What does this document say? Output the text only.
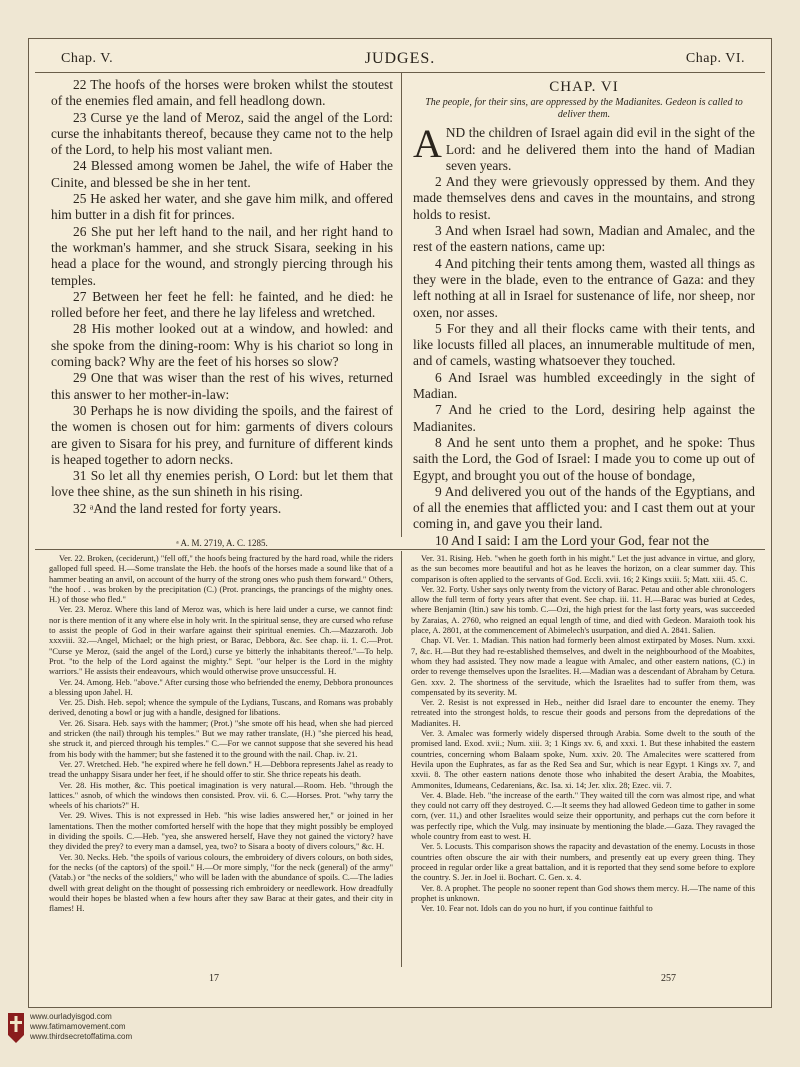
Chap. V.	JUDGES.	Chap. VI.

22 The hoofs of the horses were broken whilst the stoutest of the enemies fled amain, and fell headlong down.

23 Curse ye the land of Meroz, said the angel of the Lord: curse the inhabitants thereof, because they came not to the help of the Lord, to help his most valiant men.

24 Blessed among women be Jahel, the wife of Haber the Cinite, and blessed be she in her tent.

25 He asked her water, and she gave him milk, and offered him butter in a dish fit for princes.

26 She put her left hand to the nail, and her right hand to the workman's hammer, and she struck Sisara, seeking in his head a place for the wound, and strongly piercing through his temples.

27 Between her feet he fell: he fainted, and he died: he rolled before her feet, and there he lay lifeless and wretched.

28 His mother looked out at a window, and howled: and she spoke from the dining-room: Why is his chariot so long in coming back? Why are the feet of his horses so slow?

29 One that was wiser than the rest of his wives, returned this answer to her mother-in-law:

30 Perhaps he is now dividing the spoils, and the fairest of the women is chosen out for him: garments of divers colours are given to Sisara for his prey, and furniture of different kinds is heaped together to adorn necks.

31 So let all thy enemies perish, O Lord: but let them that love thee shine, as the sun shineth in his rising.

32 ᵃAnd the land rested for forty years.

ᵃ A. M. 2719, A. C. 1285.
CHAP. VI
The people, for their sins, are oppressed by the Madianites. Gedeon is called to deliver them.

AND the children of Israel again did evil in the sight of the Lord: and he delivered them into the hand of Madian seven years.

2 And they were grievously oppressed by them. And they made themselves dens and caves in the mountains, and strong holds to resist.

3 And when Israel had sown, Madian and Amalec, and the rest of the eastern nations, came up:

4 And pitching their tents among them, wasted all things as they were in the blade, even to the entrance of Gaza: and they left nothing at all in Israel for sustenance of life, nor sheep, nor oxen, nor asses.

5 For they and all their flocks came with their tents, and like locusts filled all places, an innumerable multitude of men, and of camels, wasting whatsoever they touched.

6 And Israel was humbled exceedingly in the sight of Madian.

7 And he cried to the Lord, desiring help against the Madianites.

8 And he sent unto them a prophet, and he spoke: Thus saith the Lord, the God of Israel: I made you to come up out of Egypt, and brought you out of the house of bondage,

9 And delivered you out of the hands of the Egyptians, and of all the enemies that afflicted you: and I cast them out at your coming in, and gave you their land.

10 And I said: I am the Lord your God, fear not the

Ver. 22. Broken, (ceciderunt,) "fell off," the hoofs being fractured by the hard road, while the riders galloped full speed. H.—Some translate the Heb. the hoofs of the horses made a sound like that of a hammer beating an anvil, on account of the hurry of the strong ones who push them forward." Others, "the hoof . . was broken by the precipitation (C.) (Prot. prancings, the prancings of the mighty ones. H.) of those who fled."

Ver. 23. Meroz. Where this land of Meroz was, which is here laid under a curse, we cannot find: nor is there mention of it any where else in holy writ. In the spiritual sense, they are cursed who refuse to assist the people of God in their warfare against their spiritual enemies. Ch.—Mazzaroth. Job xxxviii. 32.—Angel, Michael; or the high priest, or Barac, Debbora, &c. See chap. ii. 1. C.—Prot. "Curse ye Meroz, (said the angel of the Lord,) curse ye bitterly the inhabitants thereof."—To help. Prot. "to the help of the Lord against the mighty." Sept. "our helper is the Lord in the mighty warriors." He assists their endeavours, which would otherwise prove unsuccessful. H.

Ver. 24. Among. Heb. "above." After cursing those who befriended the enemy, Debbora pronounces a blessing upon Jahel. H.

Ver. 25. Dish. Heb. sepol; whence the sympule of the Lydians, Tuscans, and Romans was probably derived, denoting a bowl or jug with a handle, designed for libations.

Ver. 26. Sisara. Heb. says with the hammer; (Prot.) "she smote off his head, when she had pierced and stricken (the nail) through his temples." But we may rather translate, (H.) "she pierced his head, she struck it, and pierced through his temples." C.—For we cannot suppose that she severed his head from his body with the hammer; but she fastened it to the ground with the nail. Chap. iv. 21.

Ver. 27. Wretched. Heb. "he expired where he fell down." H.—Debbora represents Jahel as ready to tread the unhappy Sisara under her feet, if he should offer to stir. She thrice repeats his death.

Ver. 28. His mother, &c. This poetical imagination is very natural.—Room. Heb. "through the lattices." asnob, of which the windows then consisted. Prov. vii. 6. C.—Horses. Prot. "why tarry the wheels of his chariots?" H.

Ver. 29. Wives. This is not expressed in Heb. "his wise ladies answered her," or joined in her lamentations. Then the mother comforted herself with the hope that they might possibly be employed in dividing the spoils. C.—Heb. "yea, she answered herself, Have they not gained the victory? have they divided the prey? to every man a damsel, yea, two? to Sisara a booty of divers colours," &c. H.

Ver. 30. Necks. Heb. "the spoils of various colours, the embroidery of divers colours, on both sides, for the necks (of the captors) of the spoil." H.—Or more simply, "for the neck (general) of the army" (Vatab.) or "the necks of the soldiers," who will be laden with the abundance of spoils. C.—The ladies dwell with great delight on the thought of possessing rich embroidery or needlework. How dreadfully would their hopes be blasted when a few hours after they saw Barac at their gates, and their city in flames! H.

Ver. 31. Rising. Heb. "when he goeth forth in his might." Let the just advance in virtue, and glory, as the sun becomes more beautiful and hot as he leaves the horizon, on a clear summer day. This comparison is often applied to the servants of God. Eccli. xvii. 16; 2 Kings xxiii. 5; Matt. xiii. 45. C.

Ver. 32. Forty. Usher says only twenty from the victory of Barac. Petau and other able chronologers allow the full term of forty years after that event. See chap. iii. 11. H.—Barac was buried at Cedes, where Benjamin (Itin.) saw his tomb. C.—Ozi, the high priest for the last forty years, was succeeded by Zaraias, A. 2760, who reigned an equal length of time, and died with Gedeon. Maraioth took his place, A. 2801, at the commencement of Abimelech's usurpation, and died A. 2841. Salien.

Chap. VI. Ver. 1. Madian. This nation had formerly been almost extirpated by Moses. Num. xxxi. 7, &c. H.—But they had re-established themselves, and dwelt in the neighbourhood of the Moabites, whom they had assisted. They now made a league with Amalec, and other eastern nations, (C.) in order to revenge themselves upon the Israelites. H.—Madian was a descendant of Abraham by Cetura. Gen. xxv. 2. The shortness of the servitude, which the Israelites had to suffer from them, was compensated by its severity. M.

Ver. 2. Resist is not expressed in Heb., neither did Israel dare to encounter the enemy. They retreated into the strongest holds, to rescue their goods and persons from the depredations of the Madianites. H.

Ver. 3. Amalec was formerly widely dispersed through Arabia. Some dwelt to the south of the promised land. Exod. xvii.; Num. xiii. 3; 1 Kings xv. 6, and xxxi. 1. But these inhabited the eastern countries, concerning whom Balaam spoke, Num. xxiv. 20. The Amalecites were scattered from Hevila upon the Euphrates, as far as the Red Sea and Sur, which is near Egypt. 1 Kings xv. 7, and xxvii. 8. The other eastern nations denote those who inhabited the desert Arabia, the Moabites, Ammonites, Idumeans, Cedarenians, &c. Isa. xi. 14; Jer. xlix. 28; Ezec. vii. 7.

Ver. 4. Blade. Heb. "the increase of the earth." They waited till the corn was almost ripe, and what they could not carry off they destroyed. C.—It seems they had allowed Gedeon time to gather in some corn, (ver. 11,) and other Israelites would seize their opportunity, and perhaps cut the corn before it was perfectly ripe, which the Vulg. may insinuate by mentioning the blade.—Gaza. They ravaged the whole country from east to west. H.

Ver. 5. Locusts. This comparison shows the rapacity and devastation of the enemy. Locusts in those countries often obscure the air with their numbers, and presently eat up every green thing. They proceed in regular order like a great battalion, and it is reported that they send some before to explore the country. S. Jer. in Joel ii. Bochart. C. Gen. x. 4.

Ver. 8. A prophet. The people no sooner repent than God shows them mercy. H.—The name of this prophet is unknown.

Ver. 10. Fear not. Idols can do you no hurt, if you continue faithful to

17	257
www.ourladyisgod.com
www.fatimamovement.com
www.thirdsecretoffatima.com
